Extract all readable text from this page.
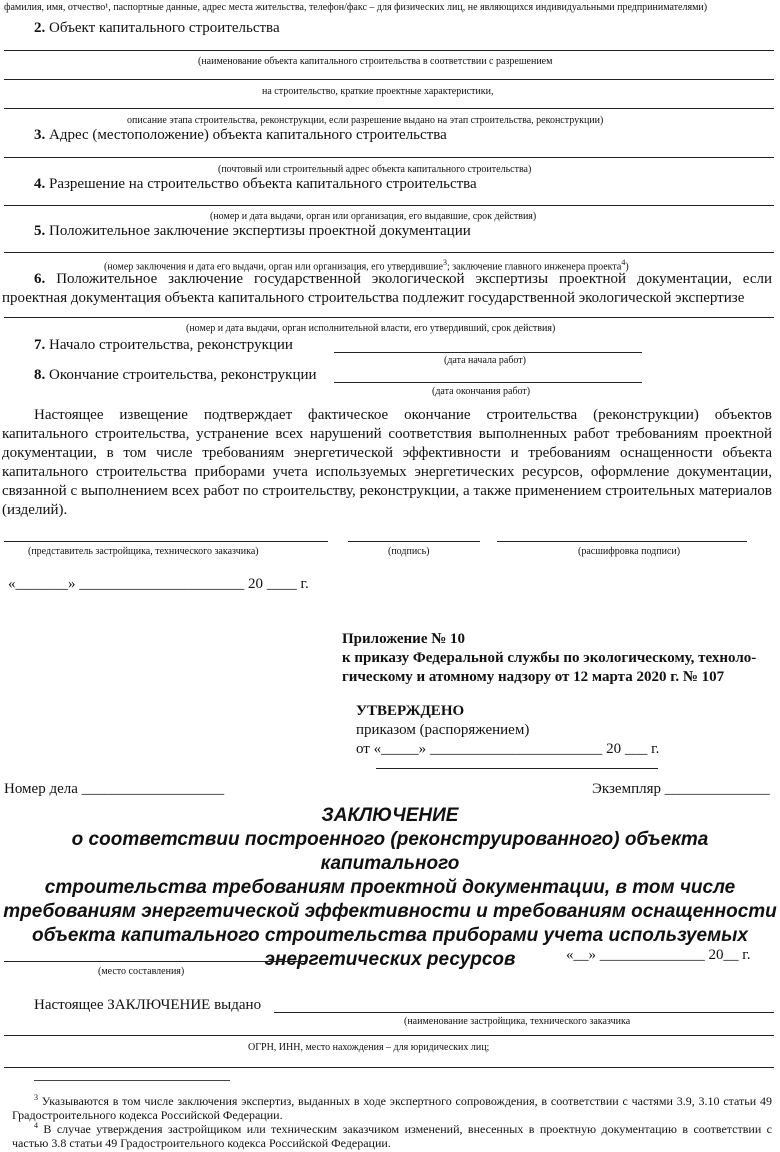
фамилия, имя, отчество¹, паспортные данные, адрес места жительства, телефон/факс – для физических лиц, не являющихся индивидуальными предпринимателями)
2. Объект капитального строительства
(наименование объекта капитального строительства в соответствии с разрешением
на строительство, краткие проектные характеристики,
описание этапа строительства, реконструкции, если разрешение выдано на этап строительства, реконструкции)
3. Адрес (местоположение) объекта капитального строительства
(почтовый или строительный адрес объекта капитального строительства)
4. Разрешение на строительство объекта капитального строительства
(номер и дата выдачи, орган или организация, его выдавшие, срок действия)
5. Положительное заключение экспертизы проектной документации
(номер заключения и дата его выдачи, орган или организация, его утвердившие$^3$; заключение главного инженера проекта$^4$)
6. Положительное заключение государственной экологической экспертизы проектной документации, если проектная документация объекта капитального строительства подлежит государственной экологической экспертизе
(номер и дата выдачи, орган исполнительной власти, его утвердивший, срок действия)
7. Начало строительства, реконструкции
(дата начала работ)
8. Окончание строительства, реконструкции
(дата окончания работ)
Настоящее извещение подтверждает фактическое окончание строительства (реконструкции) объектов капитального строительства, устранение всех нарушений соответствия выполненных работ требованиям проектной документации, в том числе требованиям энергетической эффективности и требованиям оснащенности объекта капитального строительства приборами учета используемых энергетических ресурсов, оформление документации, связанной с выполнением всех работ по строительству, реконструкции, а также применением строительных материалов (изделий).
(представитель застройщика, технического заказчика)	(подпись)	(расшифровка подписи)
«_______» ______________________ 20 ____ г.
Приложение № 10
к приказу Федеральной службы по экологическому, техноло-
гическому и атомному надзору от 12 марта 2020 г. № 107
УТВЕРЖДЕНО
приказом (распоряжением)
от «_____» _______________________ 20 ___ г.
Номер дела ___________________	Экземпляр ______________
ЗАКЛЮЧЕНИЕ
о соответствии построенного (реконструированного) объекта капитального
строительства требованиям проектной документации, в том числе
требованиям энергетической эффективности и требованиям оснащенности
объекта капитального строительства приборами учета используемых
энергетических ресурсов
(место составления)
«__» ______________ 20__ г.
Настоящее ЗАКЛЮЧЕНИЕ выдано
(наименование застройщика, технического заказчика
ОГРН, ИНН, место нахождения – для юридических лиц;
$^3$ Указываются в том числе заключения экспертиз, выданных в ходе экспертного сопровождения, в соответствии с частями 3.9, 3.10 статьи 49 Градостроительного кодекса Российской Федерации.
$^4$ В случае утверждения застройщиком или техническим заказчиком изменений, внесенных в проектную документацию в соответствии с частью 3.8 статьи 49 Градостроительного кодекса Российской Федерации.
